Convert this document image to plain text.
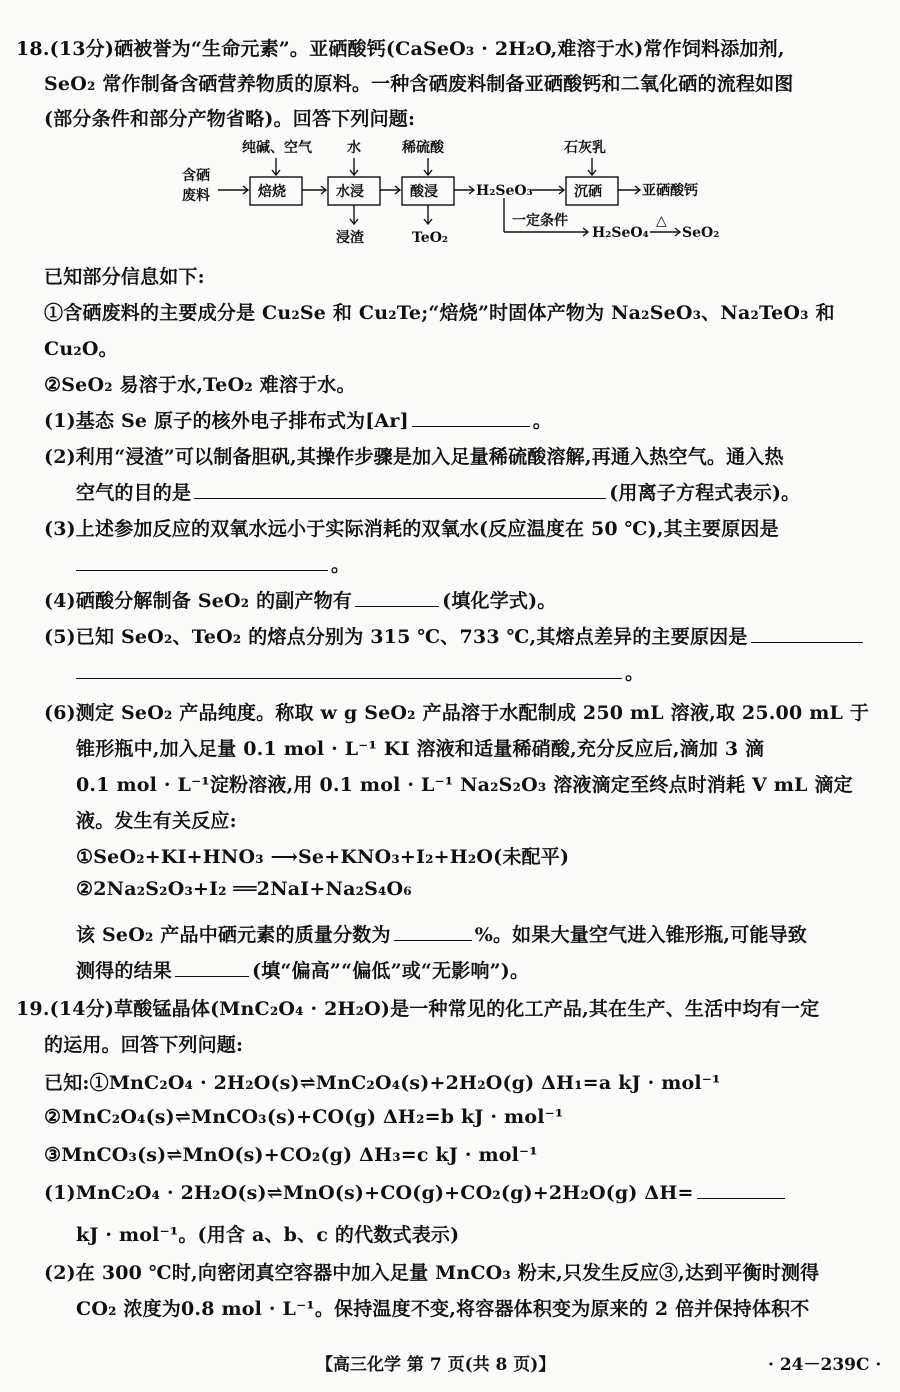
18.(13分)硒被誉为“生命元素”。亚硒酸钙(CaSeO₃ · 2H₂O,难溶于水)常作饲料添加剂,
SeO₂ 常作制备含硒营养物质的原料。一种含硒废料制备亚硒酸钙和二氧化硒的流程如图
(部分条件和部分产物省略)。回答下列问题:
含硒
废料	焙烧
纯碱、空气
水浸
水
浸渣
酸浸
稀硫酸
TeO₂
H₂SeO₃	沉硒
石灰乳
亚硒酸钙
一定条件
H₂SeO₄
△
SeO₂
已知部分信息如下:
①含硒废料的主要成分是 Cu₂Se 和 Cu₂Te;“焙烧”时固体产物为 Na₂SeO₃、Na₂TeO₃ 和
Cu₂O。
②SeO₂ 易溶于水,TeO₂ 难溶于水。
(1)基态 Se 原子的核外电子排布式为[Ar]	。
(2)利用“浸渣”可以制备胆矾,其操作步骤是加入足量稀硫酸溶解,再通入热空气。通入热
空气的目的是	(用离子方程式表示)。
(3)上述参加反应的双氧水远小于实际消耗的双氧水(反应温度在 50 ℃),其主要原因是
。
(4)硒酸分解制备 SeO₂ 的副产物有	(填化学式)。
(5)已知 SeO₂、TeO₂ 的熔点分别为 315 ℃、733 ℃,其熔点差异的主要原因是
。
(6)测定 SeO₂ 产品纯度。称取 w g SeO₂ 产品溶于水配制成 250 mL 溶液,取 25.00 mL 于
锥形瓶中,加入足量 0.1 mol · L⁻¹ KI 溶液和适量稀硝酸,充分反应后,滴加 3 滴
0.1 mol · L⁻¹淀粉溶液,用 0.1 mol · L⁻¹ Na₂S₂O₃ 溶液滴定至终点时消耗 V mL 滴定
液。发生有关反应:
①SeO₂+KI+HNO₃ ⟶Se+KNO₃+I₂+H₂O(未配平)
②2Na₂S₂O₃+I₂ ══2NaI+Na₂S₄O₆
该 SeO₂ 产品中硒元素的质量分数为	%。如果大量空气进入锥形瓶,可能导致
测得的结果	(填“偏高”“偏低”或“无影响”)。
19.(14分)草酸锰晶体(MnC₂O₄ · 2H₂O)是一种常见的化工产品,其在生产、生活中均有一定
的运用。回答下列问题:
已知:①MnC₂O₄ · 2H₂O(s)⇌MnC₂O₄(s)+2H₂O(g) ΔH₁=a kJ · mol⁻¹
②MnC₂O₄(s)⇌MnCO₃(s)+CO(g) ΔH₂=b kJ · mol⁻¹
③MnCO₃(s)⇌MnO(s)+CO₂(g) ΔH₃=c kJ · mol⁻¹
(1)MnC₂O₄ · 2H₂O(s)⇌MnO(s)+CO(g)+CO₂(g)+2H₂O(g) ΔH=
kJ · mol⁻¹。(用含 a、b、c 的代数式表示)
(2)在 300 ℃时,向密闭真空容器中加入足量 MnCO₃ 粉末,只发生反应③,达到平衡时测得
CO₂ 浓度为0.8 mol · L⁻¹。保持温度不变,将容器体积变为原来的 2 倍并保持体积不
【高三化学 第 7 页(共 8 页)】	· 24－239C ·
